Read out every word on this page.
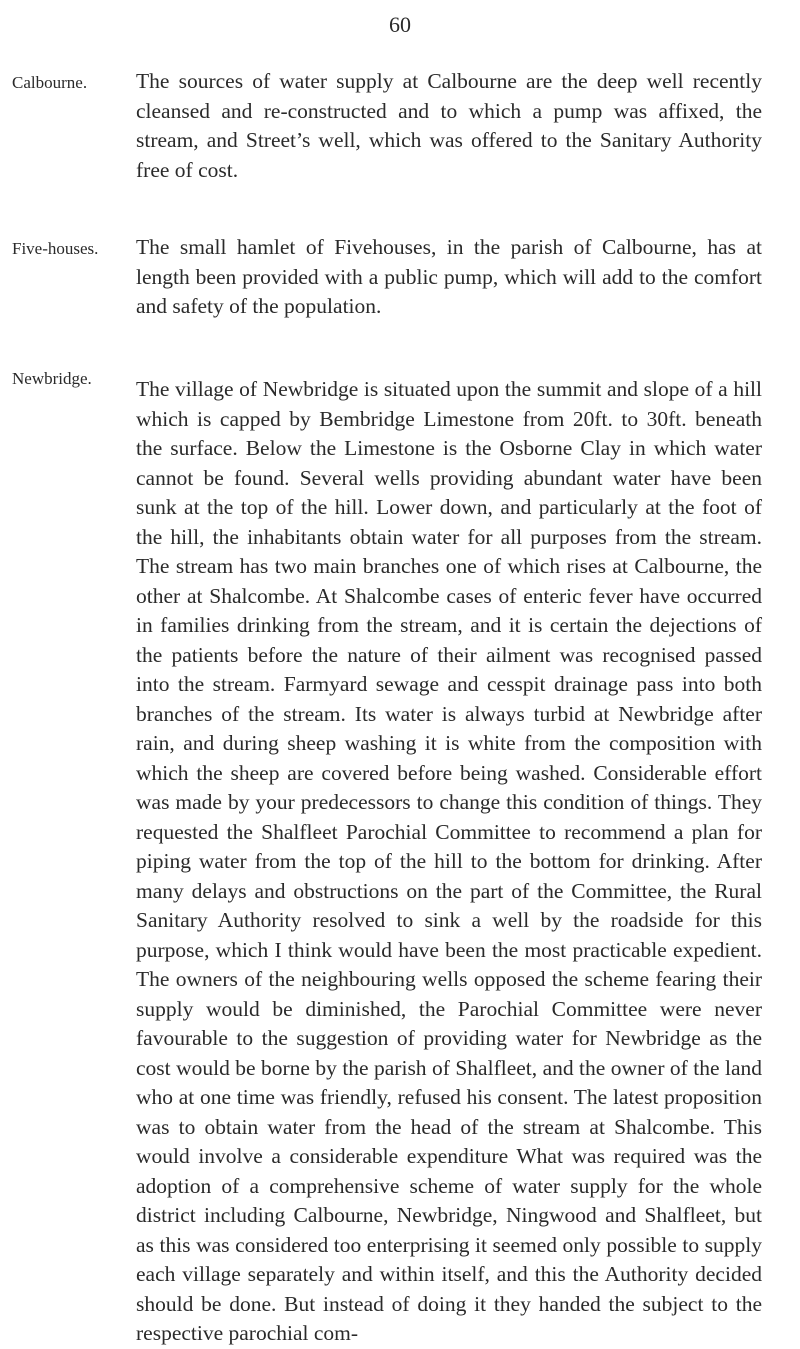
60
Calbourne. The sources of water supply at Calbourne are the deep well recently cleansed and re-constructed and to which a pump was affixed, the stream, and Street’s well, which was offered to the Sanitary Authority free of cost.

Five-houses. The small hamlet of Fivehouses, in the parish of Calbourne, has at length been provided with a public pump, which will add to the comfort and safety of the population.

Newbridge. The village of Newbridge is situated upon the summit and slope of a hill which is capped by Bembridge Limestone from 20ft. to 30ft. beneath the surface. Below the Limestone is the Osborne Clay in which water cannot be found. Several wells providing abundant water have been sunk at the top of the hill. Lower down, and particularly at the foot of the hill, the inhabitants obtain water for all purposes from the stream. The stream has two main branches one of which rises at Calbourne, the other at Shalcombe. At Shalcombe cases of enteric fever have occurred in families drinking from the stream, and it is certain the dejections of the patients before the nature of their ailment was recognised passed into the stream. Farmyard sewage and cesspit drainage pass into both branches of the stream. Its water is always turbid at Newbridge after rain, and during sheep washing it is white from the composition with which the sheep are covered before being washed. Considerable effort was made by your predecessors to change this condition of things. They requested the Shalfleet Parochial Committee to recommend a plan for piping water from the top of the hill to the bottom for drinking. After many delays and obstructions on the part of the Committee, the Rural Sanitary Authority resolved to sink a well by the roadside for this purpose, which I think would have been the most practicable expedient. The owners of the neighbouring wells opposed the scheme fearing their supply would be diminished, the Parochial Committee were never favourable to the suggestion of providing water for Newbridge as the cost would be borne by the parish of Shalfleet, and the owner of the land who at one time was friendly, refused his consent. The latest proposition was to obtain water from the head of the stream at Shalcombe. This would involve a considerable expenditure What was required was the adoption of a comprehensive scheme of water supply for the whole district including Calbourne, Newbridge, Ningwood and Shalfleet, but as this was considered too enterprising it seemed only possible to supply each village separately and within itself, and this the Authority decided should be done. But instead of doing it they handed the subject to the respective parochial com-
